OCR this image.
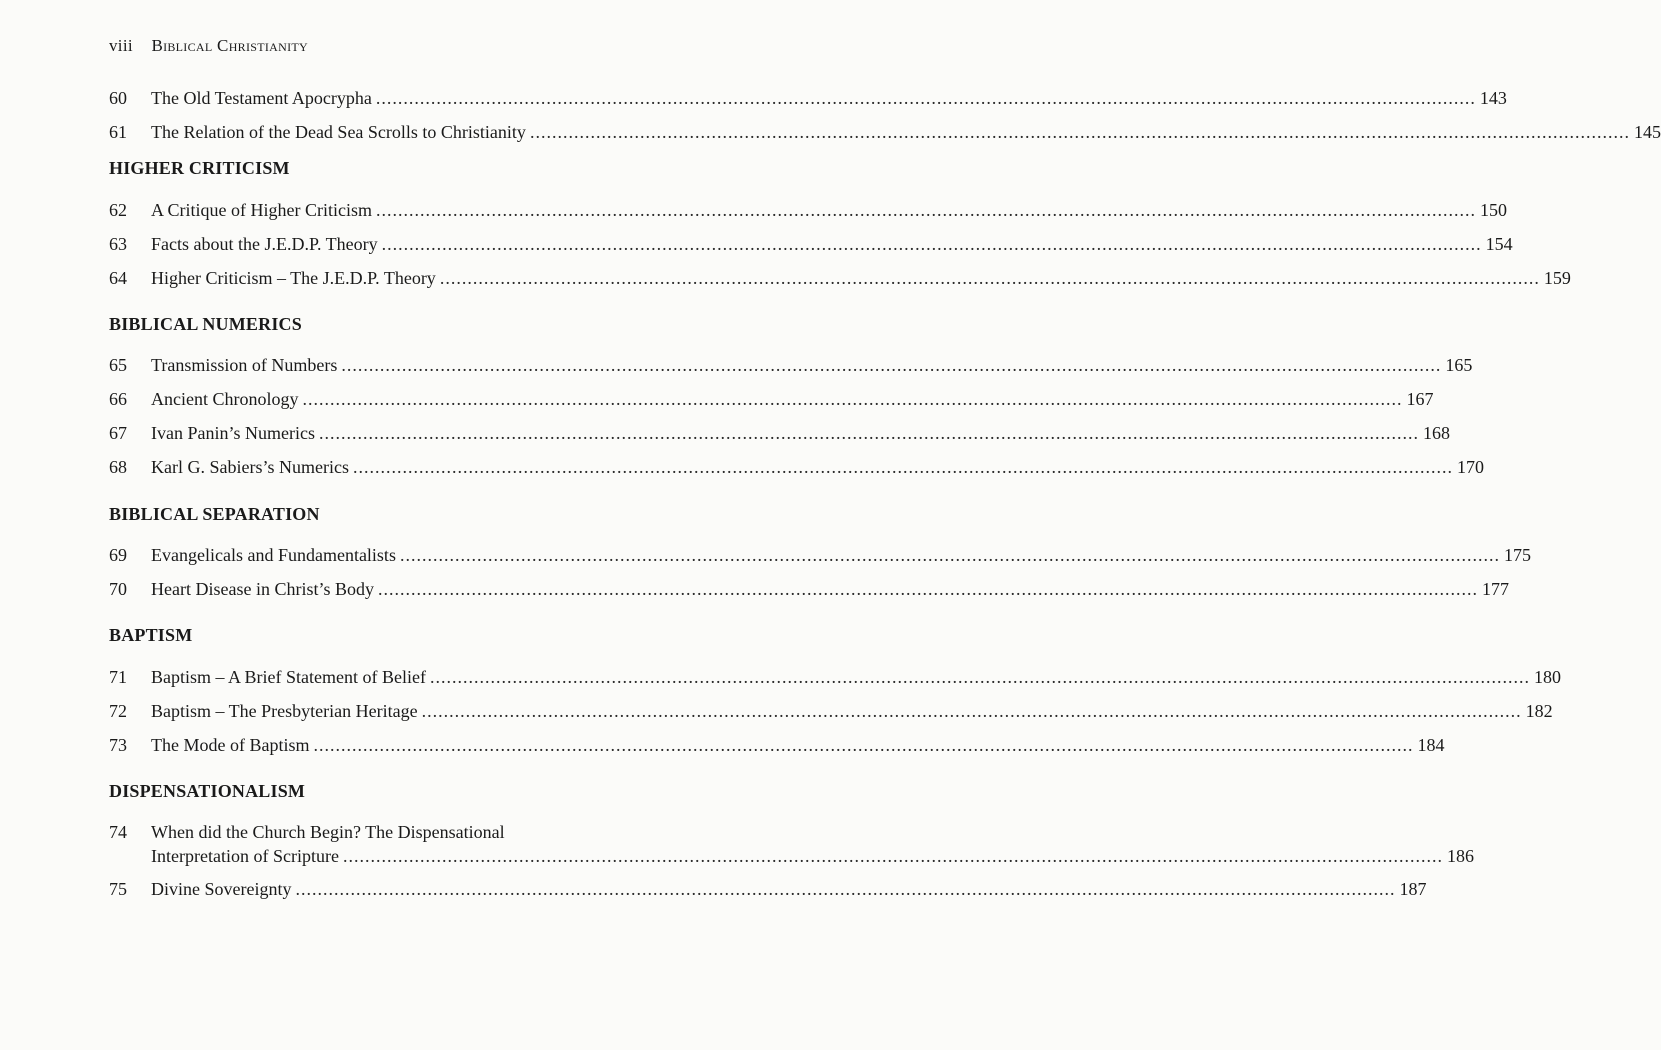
viii Biblical Christianity
60 The Old Testament Apocrypha ........................................................................................................................................................................................................ 143
61 The Relation of the Dead Sea Scrolls to Christianity ........................................................................................................................................................................................................ 145
HIGHER CRITICISM
62 A Critique of Higher Criticism ........................................................................................................................................................................................................ 150
63 Facts about the J.E.D.P. Theory ........................................................................................................................................................................................................ 154
64 Higher Criticism – The J.E.D.P. Theory ........................................................................................................................................................................................................ 159
BIBLICAL NUMERICS
65 Transmission of Numbers ........................................................................................................................................................................................................ 165
66 Ancient Chronology ........................................................................................................................................................................................................ 167
67 Ivan Panin’s Numerics ........................................................................................................................................................................................................ 168
68 Karl G. Sabiers’s Numerics ........................................................................................................................................................................................................ 170
BIBLICAL SEPARATION
69 Evangelicals and Fundamentalists ........................................................................................................................................................................................................ 175
70 Heart Disease in Christ’s Body ........................................................................................................................................................................................................ 177
BAPTISM
71 Baptism – A Brief Statement of Belief ........................................................................................................................................................................................................ 180
72 Baptism – The Presbyterian Heritage ........................................................................................................................................................................................................ 182
73 The Mode of Baptism ........................................................................................................................................................................................................ 184
DISPENSATIONALISM
74 When did the Church Begin? The Dispensational
Interpretation of Scripture ........................................................................................................................................................................................................ 186
75 Divine Sovereignty ........................................................................................................................................................................................................ 187
